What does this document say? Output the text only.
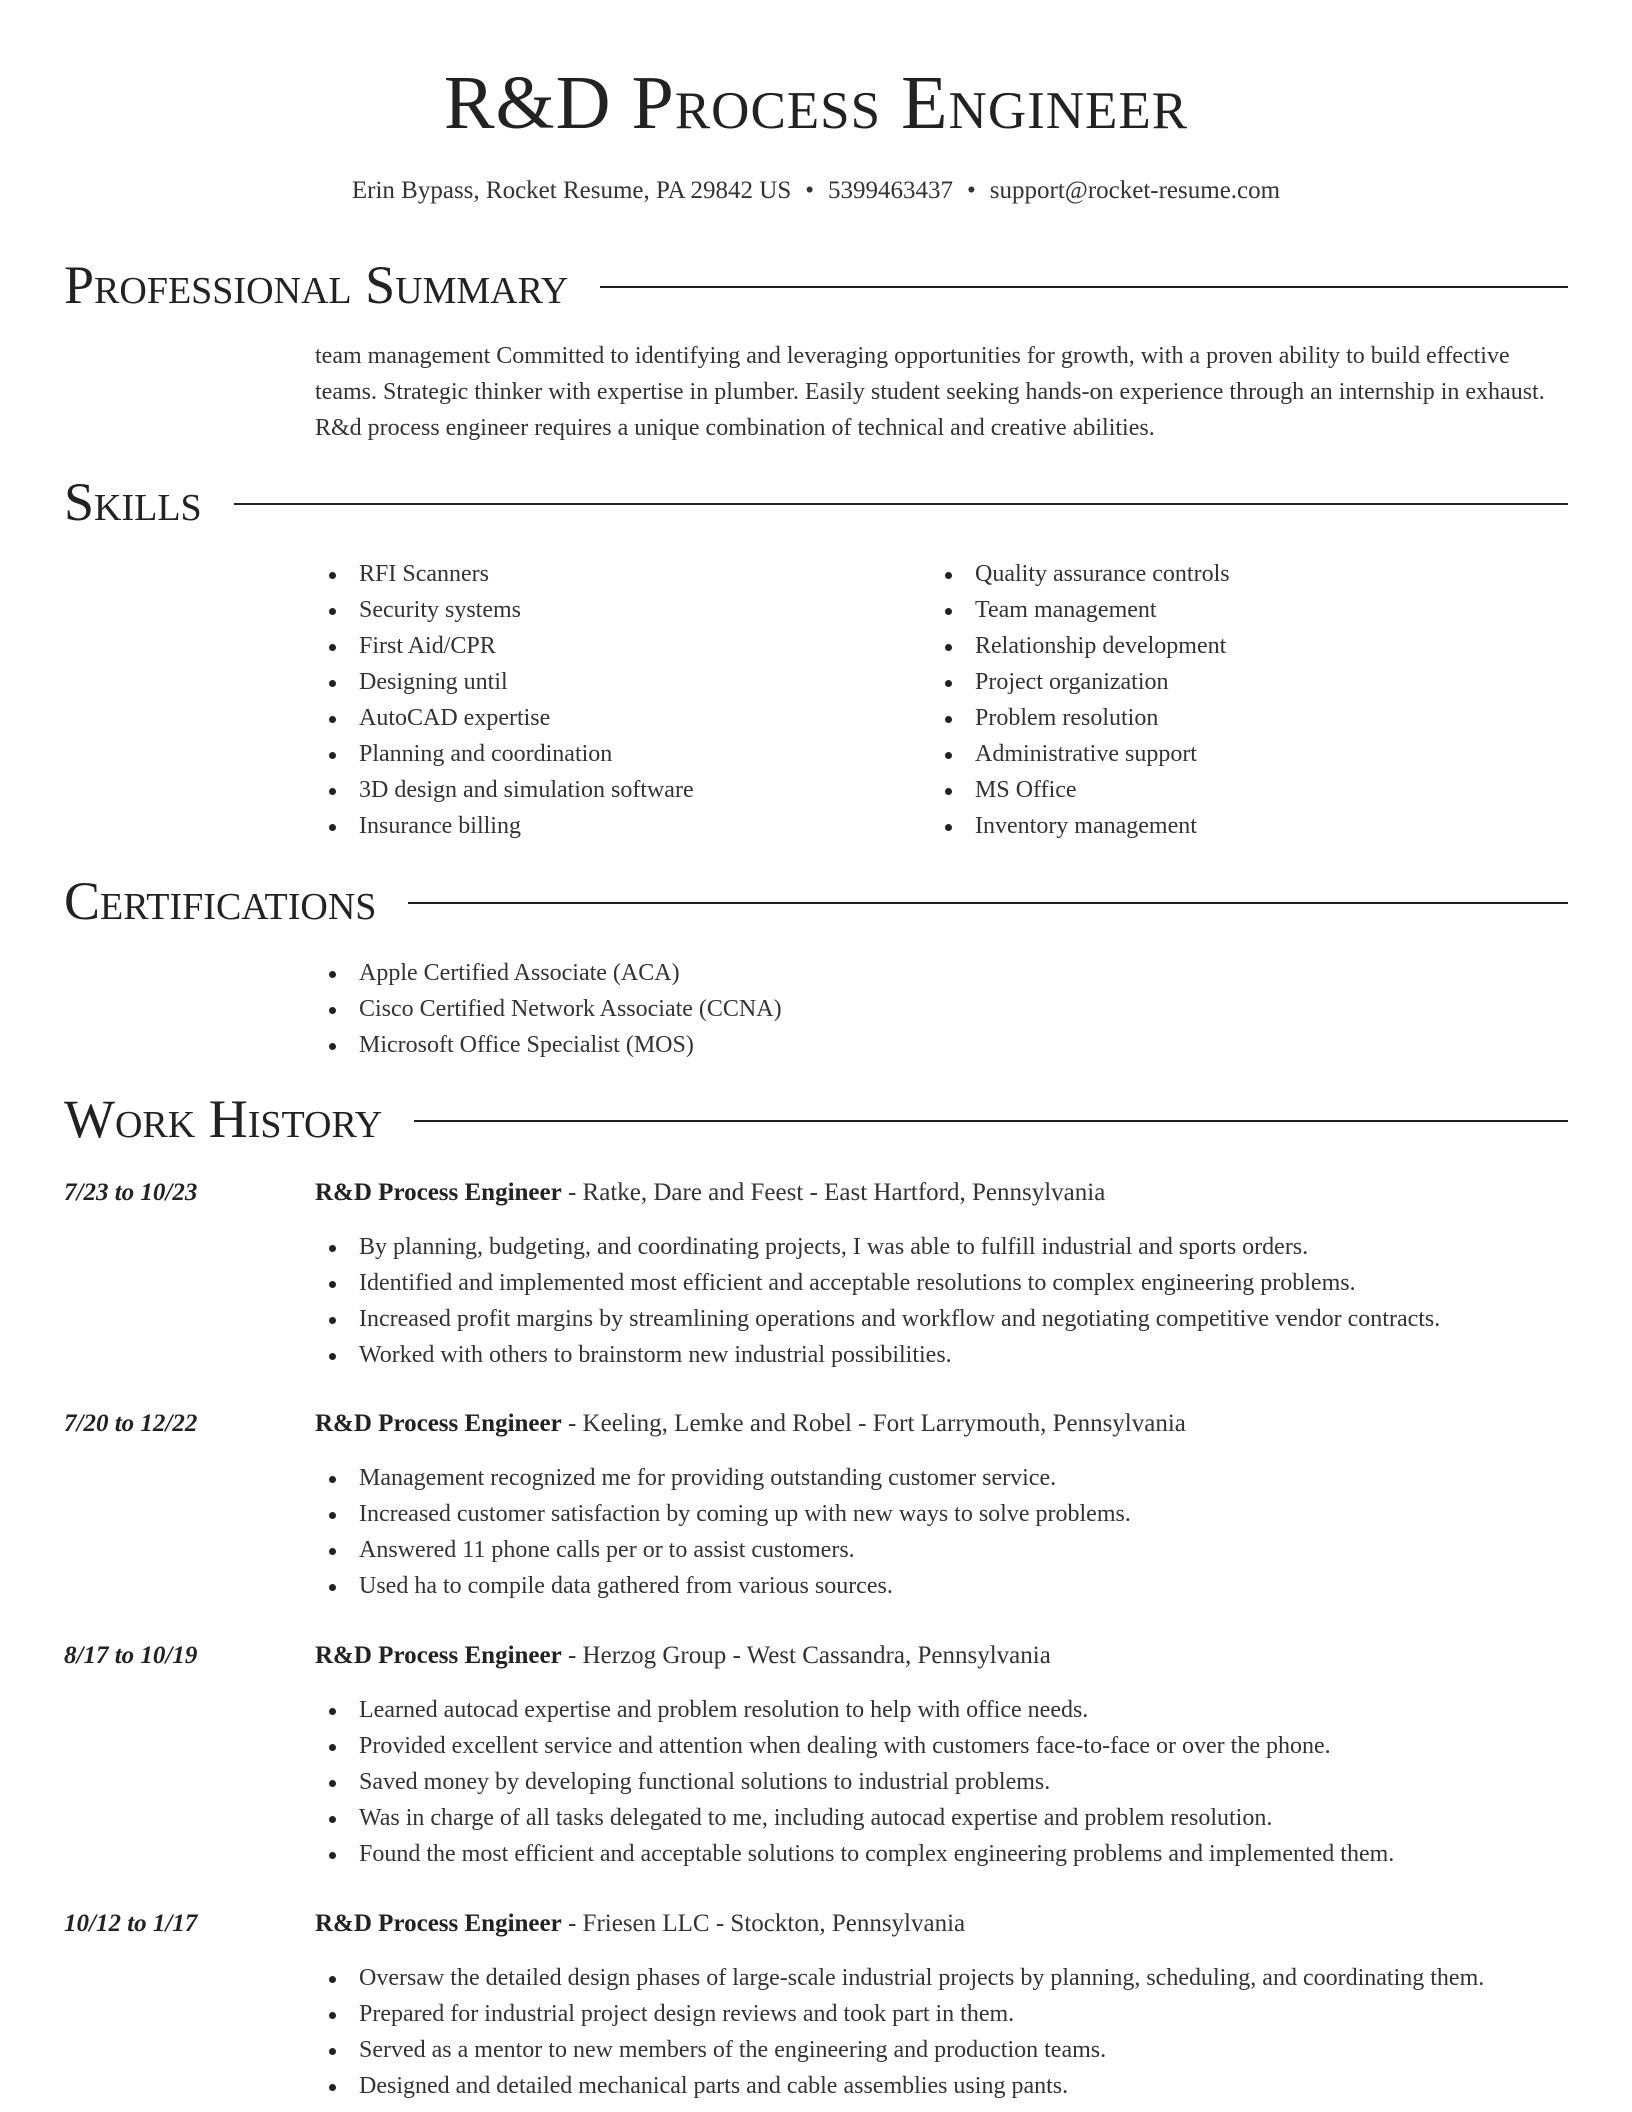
R&D Process Engineer
Erin Bypass, Rocket Resume, PA 29842 US • 5399463437 • support@rocket-resume.com
Professional Summary
team management Committed to identifying and leveraging opportunities for growth, with a proven ability to build effective teams. Strategic thinker with expertise in plumber. Easily student seeking hands-on experience through an internship in exhaust. R&d process engineer requires a unique combination of technical and creative abilities.
Skills
RFI Scanners
Security systems
First Aid/CPR
Designing until
AutoCAD expertise
Planning and coordination
3D design and simulation software
Insurance billing
Quality assurance controls
Team management
Relationship development
Project organization
Problem resolution
Administrative support
MS Office
Inventory management
Certifications
Apple Certified Associate (ACA)
Cisco Certified Network Associate (CCNA)
Microsoft Office Specialist (MOS)
Work History
7/23 to 10/23	R&D Process Engineer - Ratke, Dare and Feest - East Hartford, Pennsylvania
By planning, budgeting, and coordinating projects, I was able to fulfill industrial and sports orders.
Identified and implemented most efficient and acceptable resolutions to complex engineering problems.
Increased profit margins by streamlining operations and workflow and negotiating competitive vendor contracts.
Worked with others to brainstorm new industrial possibilities.
7/20 to 12/22	R&D Process Engineer - Keeling, Lemke and Robel - Fort Larrymouth, Pennsylvania
Management recognized me for providing outstanding customer service.
Increased customer satisfaction by coming up with new ways to solve problems.
Answered 11 phone calls per or to assist customers.
Used ha to compile data gathered from various sources.
8/17 to 10/19	R&D Process Engineer - Herzog Group - West Cassandra, Pennsylvania
Learned autocad expertise and problem resolution to help with office needs.
Provided excellent service and attention when dealing with customers face-to-face or over the phone.
Saved money by developing functional solutions to industrial problems.
Was in charge of all tasks delegated to me, including autocad expertise and problem resolution.
Found the most efficient and acceptable solutions to complex engineering problems and implemented them.
10/12 to 1/17	R&D Process Engineer - Friesen LLC - Stockton, Pennsylvania
Oversaw the detailed design phases of large-scale industrial projects by planning, scheduling, and coordinating them.
Prepared for industrial project design reviews and took part in them.
Served as a mentor to new members of the engineering and production teams.
Designed and detailed mechanical parts and cable assemblies using pants.
